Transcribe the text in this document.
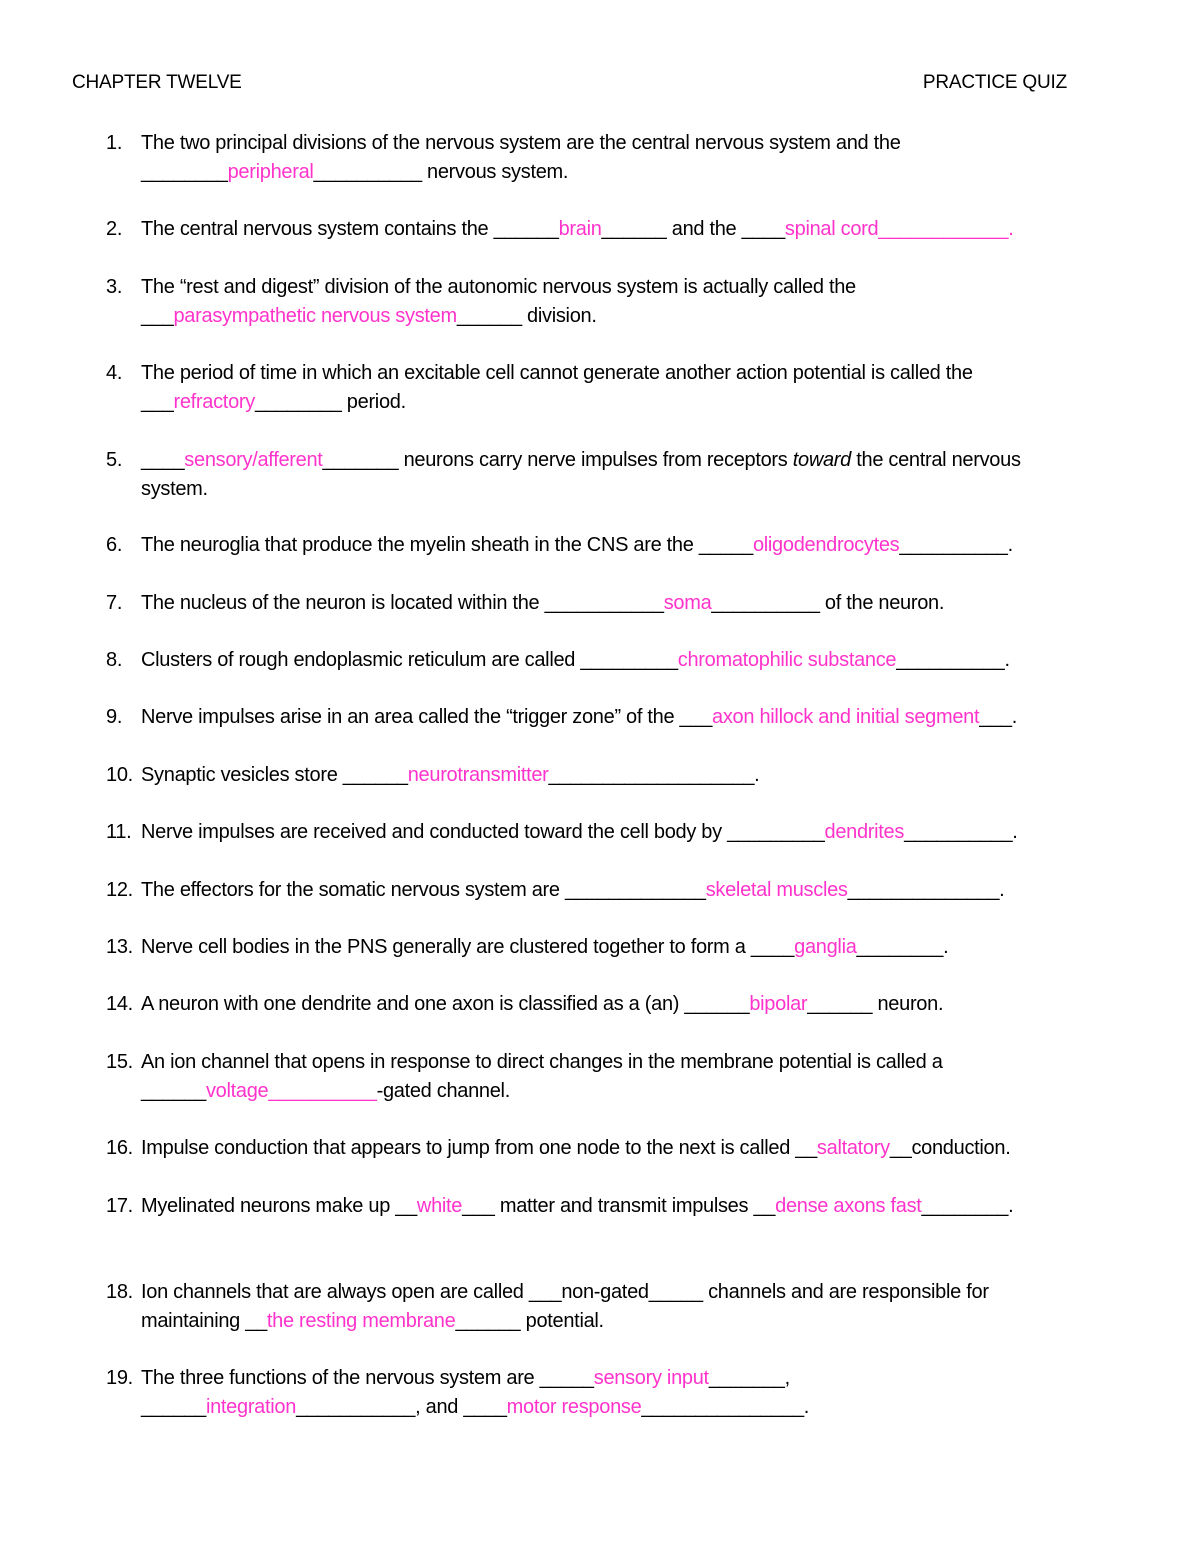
CHAPTER TWELVE	PRACTICE QUIZ
1. The two principal divisions of the nervous system are the central nervous system and the
________peripheral__________ nervous system.
2. The central nervous system contains the ______brain______ and the ____spinal cord____________.
3. The “rest and digest” division of the autonomic nervous system is actually called the
___parasympathetic nervous system______ division.
4. The period of time in which an excitable cell cannot generate another action potential is called the
___refractory________ period.
5. ____sensory/afferent_______ neurons carry nerve impulses from receptors toward the central nervous
system.
6. The neuroglia that produce the myelin sheath in the CNS are the _____oligodendrocytes__________.
7. The nucleus of the neuron is located within the ___________soma__________ of the neuron.
8. Clusters of rough endoplasmic reticulum are called _________chromatophilic substance__________.
9. Nerve impulses arise in an area called the “trigger zone” of the ___axon hillock and initial segment___.
10. Synaptic vesicles store ______neurotransmitter___________________.
11. Nerve impulses are received and conducted toward the cell body by _________dendrites__________.
12. The effectors for the somatic nervous system are _____________skeletal muscles______________.
13. Nerve cell bodies in the PNS generally are clustered together to form a ____ganglia________.
14. A neuron with one dendrite and one axon is classified as a (an) ______bipolar______ neuron.
15. An ion channel that opens in response to direct changes in the membrane potential is called a
______voltage__________-gated channel.
16. Impulse conduction that appears to jump from one node to the next is called __saltatory__conduction.
17. Myelinated neurons make up __white___ matter and transmit impulses __dense axons fast________.
18. Ion channels that are always open are called ___non-gated_____ channels and are responsible for
maintaining __the resting membrane______ potential.
19. The three functions of the nervous system are _____sensory input_______,
______integration___________, and ____motor response_______________.
